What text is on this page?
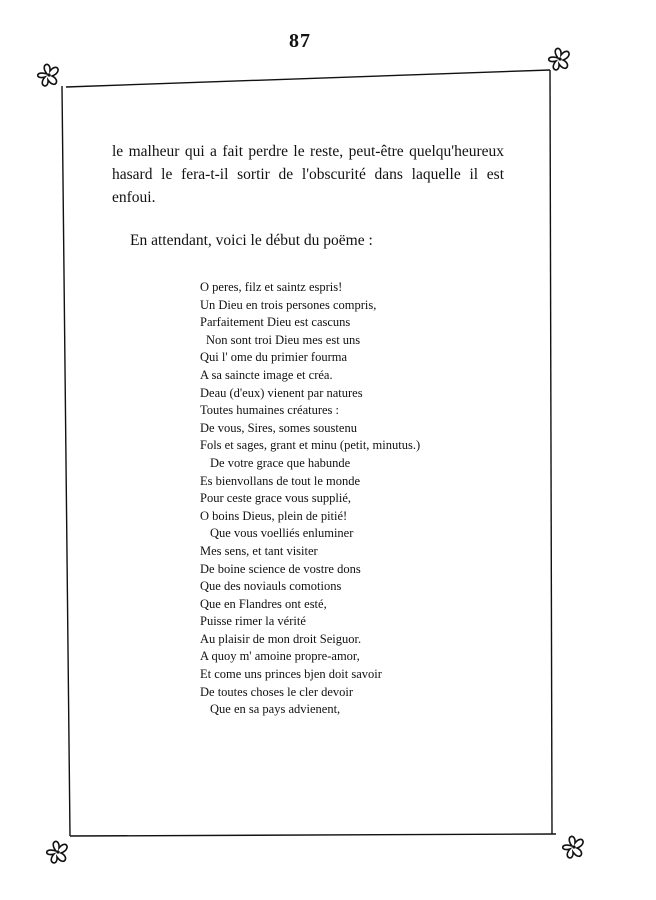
87

le malheur qui a fait perdre le reste, peut-être quelqu'heureux hasard le fera-t-il sortir de l'obscurité dans laquelle il est enfoui.

En attendant, voici le début du poëme :

O peres, filz et saintz espris!
Un Dieu en trois persones compris,
Parfaitement Dieu est cascuns
Non sont troi Dieu mes est uns
Qui l' ome du primier fourma
A sa saincte image et créa.
Deau (d'eux) vienent par natures
Toutes humaines créatures :
De vous, Sires, somes soustenu
Fols et sages, grant et minu (petit, minutus.)
De votre grace que habunde
Es bienvollans de tout le monde
Pour ceste grace vous supplié,
O boins Dieus, plein de pitié!
Que vous voelliés enluminer
Mes sens, et tant visiter
De boine science de vostre dons
Que des noviauls comotions
Que en Flandres ont esté,
Puisse rimer la vérité
Au plaisir de mon droit Seiguor.
A quoy m' amoine propre-amor,
Et come uns princes bjen doit savoir
De toutes choses le cler devoir
Que en sa pays advienent,
